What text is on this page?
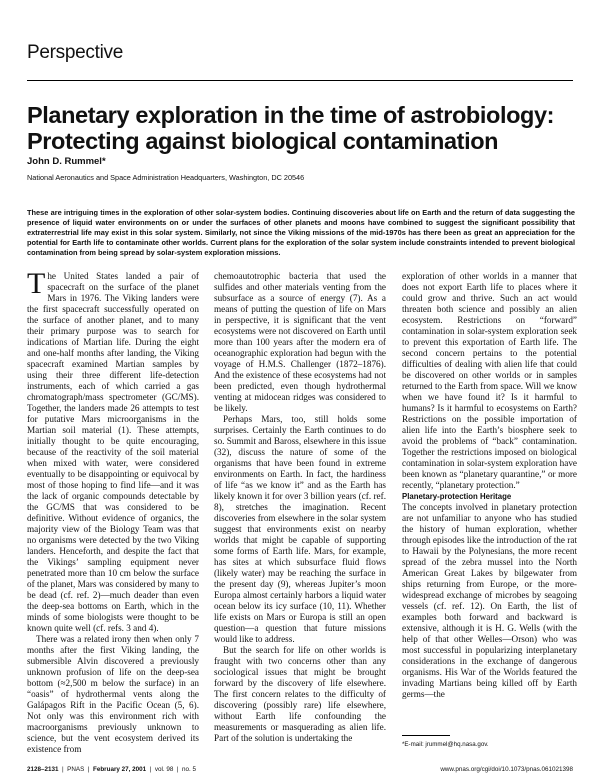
Perspective
Planetary exploration in the time of astrobiology:
Protecting against biological contamination
John D. Rummel*
National Aeronautics and Space Administration Headquarters, Washington, DC 20546

These are intriguing times in the exploration of other solar-system bodies. Continuing discoveries about life on Earth and the return of data suggesting the presence of liquid water environments on or under the surfaces of other planets and moons have combined to suggest the significant possibility that extraterrestrial life may exist in this solar system. Similarly, not since the Viking missions of the mid-1970s has there been as great an appreciation for the potential for Earth life to contaminate other worlds. Current plans for the exploration of the solar system include constraints intended to prevent biological contamination from being spread by solar-system exploration missions.

The United States landed a pair of spacecraft on the surface of the planet Mars in 1976. The Viking landers were the first spacecraft successfully operated on the surface of another planet, and to many their primary purpose was to search for indications of Martian life. During the eight and one-half months after landing, the Viking spacecraft examined Martian samples by using their three different life-detection instruments, each of which carried a gas chromatograph/mass spectrometer (GC/MS). Together, the landers made 26 attempts to test for putative Mars microorganisms in the Martian soil material (1). These attempts, initially thought to be quite encouraging, because of the reactivity of the soil material when mixed with water, were considered eventually to be disappointing or equivocal by most of those hoping to find life—and it was the lack of organic compounds detectable by the GC/MS that was considered to be definitive. Without evidence of organics, the majority view of the Biology Team was that no organisms were detected by the two Viking landers. Henceforth, and despite the fact that the Vikings’ sampling equipment never penetrated more than 10 cm below the surface of the planet, Mars was considered by many to be dead (cf. ref. 2)—much deader than even the deep-sea bottoms on Earth, which in the minds of some biologists were thought to be known quite well (cf. refs. 3 and 4).

There was a related irony then when only 7 months after the first Viking landing, the submersible Alvin discovered a previously unknown profusion of life on the deep-sea bottom (≈2,500 m below the surface) in an “oasis” of hydrothermal vents along the Galápagos Rift in the Pacific Ocean (5, 6). Not only was this environment rich with macroorganisms previously unknown to science, but the vent ecosystem derived its existence from

chemoautotrophic bacteria that used the sulfides and other materials venting from the subsurface as a source of energy (7). As a means of putting the question of life on Mars in perspective, it is significant that the vent ecosystems were not discovered on Earth until more than 100 years after the modern era of oceanographic exploration had begun with the voyage of H.M.S. Challenger (1872–1876). And the existence of these ecosystems had not been predicted, even though hydrothermal venting at midocean ridges was considered to be likely.

Perhaps Mars, too, still holds some surprises. Certainly the Earth continues to do so. Summit and Baross, elsewhere in this issue (32), discuss the nature of some of the organisms that have been found in extreme environments on Earth. In fact, the hardiness of life “as we know it” and as the Earth has likely known it for over 3 billion years (cf. ref. 8), stretches the imagination. Recent discoveries from elsewhere in the solar system suggest that environments exist on nearby worlds that might be capable of supporting some forms of Earth life. Mars, for example, has sites at which subsurface fluid flows (likely water) may be reaching the surface in the present day (9), whereas Jupiter’s moon Europa almost certainly harbors a liquid water ocean below its icy surface (10, 11). Whether life exists on Mars or Europa is still an open question—a question that future missions would like to address.

But the search for life on other worlds is fraught with two concerns other than any sociological issues that might be brought forward by the discovery of life elsewhere. The first concern relates to the difficulty of discovering (possibly rare) life elsewhere, without Earth life confounding the measurements or masquerading as alien life. Part of the solution is undertaking the

exploration of other worlds in a manner that does not export Earth life to places where it could grow and thrive. Such an act would threaten both science and possibly an alien ecosystem. Restrictions on “forward” contamination in solar-system exploration seek to prevent this exportation of Earth life. The second concern pertains to the potential difficulties of dealing with alien life that could be discovered on other worlds or in samples returned to the Earth from space. Will we know when we have found it? Is it harmful to humans? Is it harmful to ecosystems on Earth? Restrictions on the possible importation of alien life into the Earth’s biosphere seek to avoid the problems of “back” contamination. Together the restrictions imposed on biological contamination in solar-system exploration have been known as “planetary quarantine,” or more recently, “planetary protection.”

Planetary-protection Heritage

The concepts involved in planetary protection are not unfamiliar to anyone who has studied the history of human exploration, whether through episodes like the introduction of the rat to Hawaii by the Polynesians, the more recent spread of the zebra mussel into the North American Great Lakes by bilgewater from ships returning from Europe, or the more-widespread exchange of microbes by seagoing vessels (cf. ref. 12). On Earth, the list of examples both forward and backward is extensive, although it is H. G. Wells (with the help of that other Welles—Orson) who was most successful in popularizing interplanetary considerations in the exchange of dangerous organisms. His War of the Worlds featured the invading Martians being killed off by Earth germs—the

*E-mail: jrummel@hq.nasa.gov.
2128–2131  |  PNAS  |  February 27, 2001  |  vol. 98  |  no. 5	www.pnas.org/cgi/doi/10.1073/pnas.061021398
